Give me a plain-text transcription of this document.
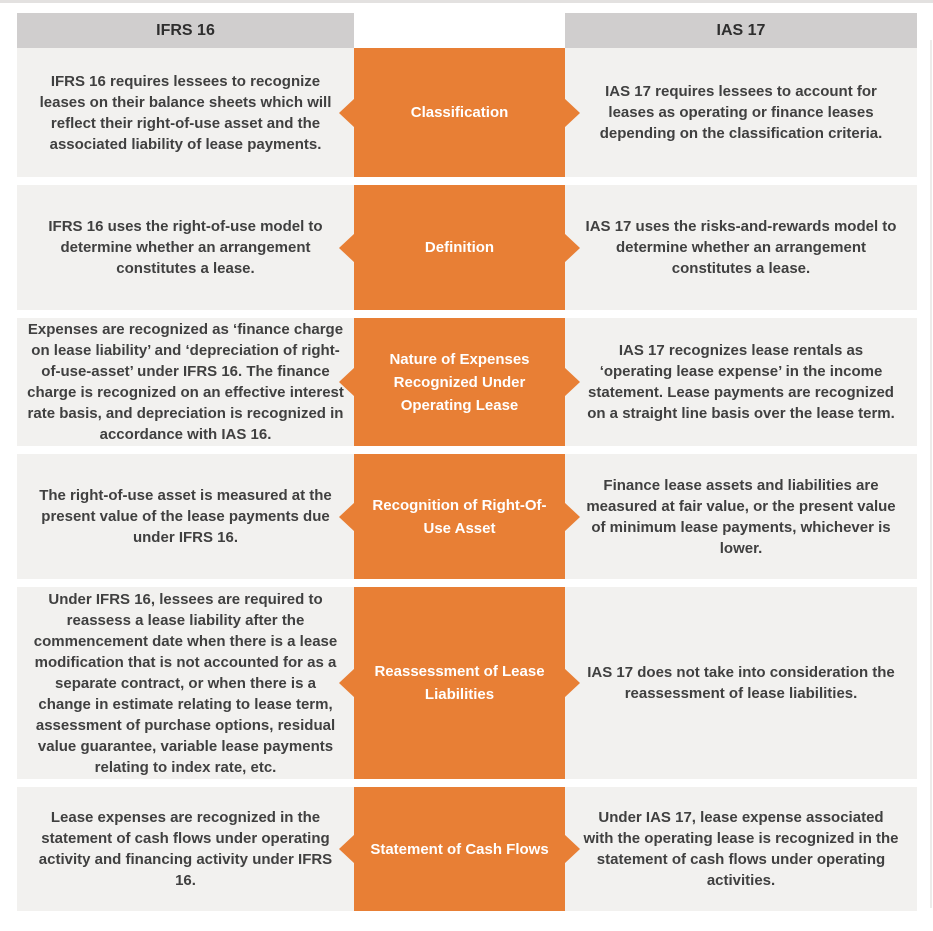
IFRS 16	IAS 17

IFRS 16 requires lessees to recognize leases on their balance sheets which will reflect their right-of-use asset and the associated liability of lease payments.

Classification

IAS 17 requires lessees to account for leases as operating or finance leases depending on the classification criteria.

IFRS 16 uses the right-of-use model to determine whether an arrangement constitutes a lease.

Definition

IAS 17 uses the risks-and-rewards model to determine whether an arrangement constitutes a lease.

Expenses are recognized as ‘finance charge on lease liability’ and ‘depreciation of right-of-use-asset’ under IFRS 16. The finance charge is recognized on an effective interest rate basis, and depreciation is recognized in accordance with IAS 16.

Nature of Expenses Recognized Under Operating Lease

IAS 17 recognizes lease rentals as ‘operating lease expense’ in the income statement. Lease payments are recognized on a straight line basis over the lease term.

The right-of-use asset is measured at the present value of the lease payments due under IFRS 16.

Recognition of Right-Of-Use Asset

Finance lease assets and liabilities are measured at fair value, or the present value of minimum lease payments, whichever is lower.

Under IFRS 16, lessees are required to reassess a lease liability after the commencement date when there is a lease modification that is not accounted for as a separate contract, or when there is a change in estimate relating to lease term, assessment of purchase options, residual value guarantee, variable lease payments relating to index rate, etc.

Reassessment of Lease Liabilities

IAS 17 does not take into consideration the reassessment of lease liabilities.

Lease expenses are recognized in the statement of cash flows under operating activity and financing activity under IFRS 16.

Statement of Cash Flows

Under IAS 17, lease expense associated with the operating lease is recognized in the statement of cash flows under operating activities.
